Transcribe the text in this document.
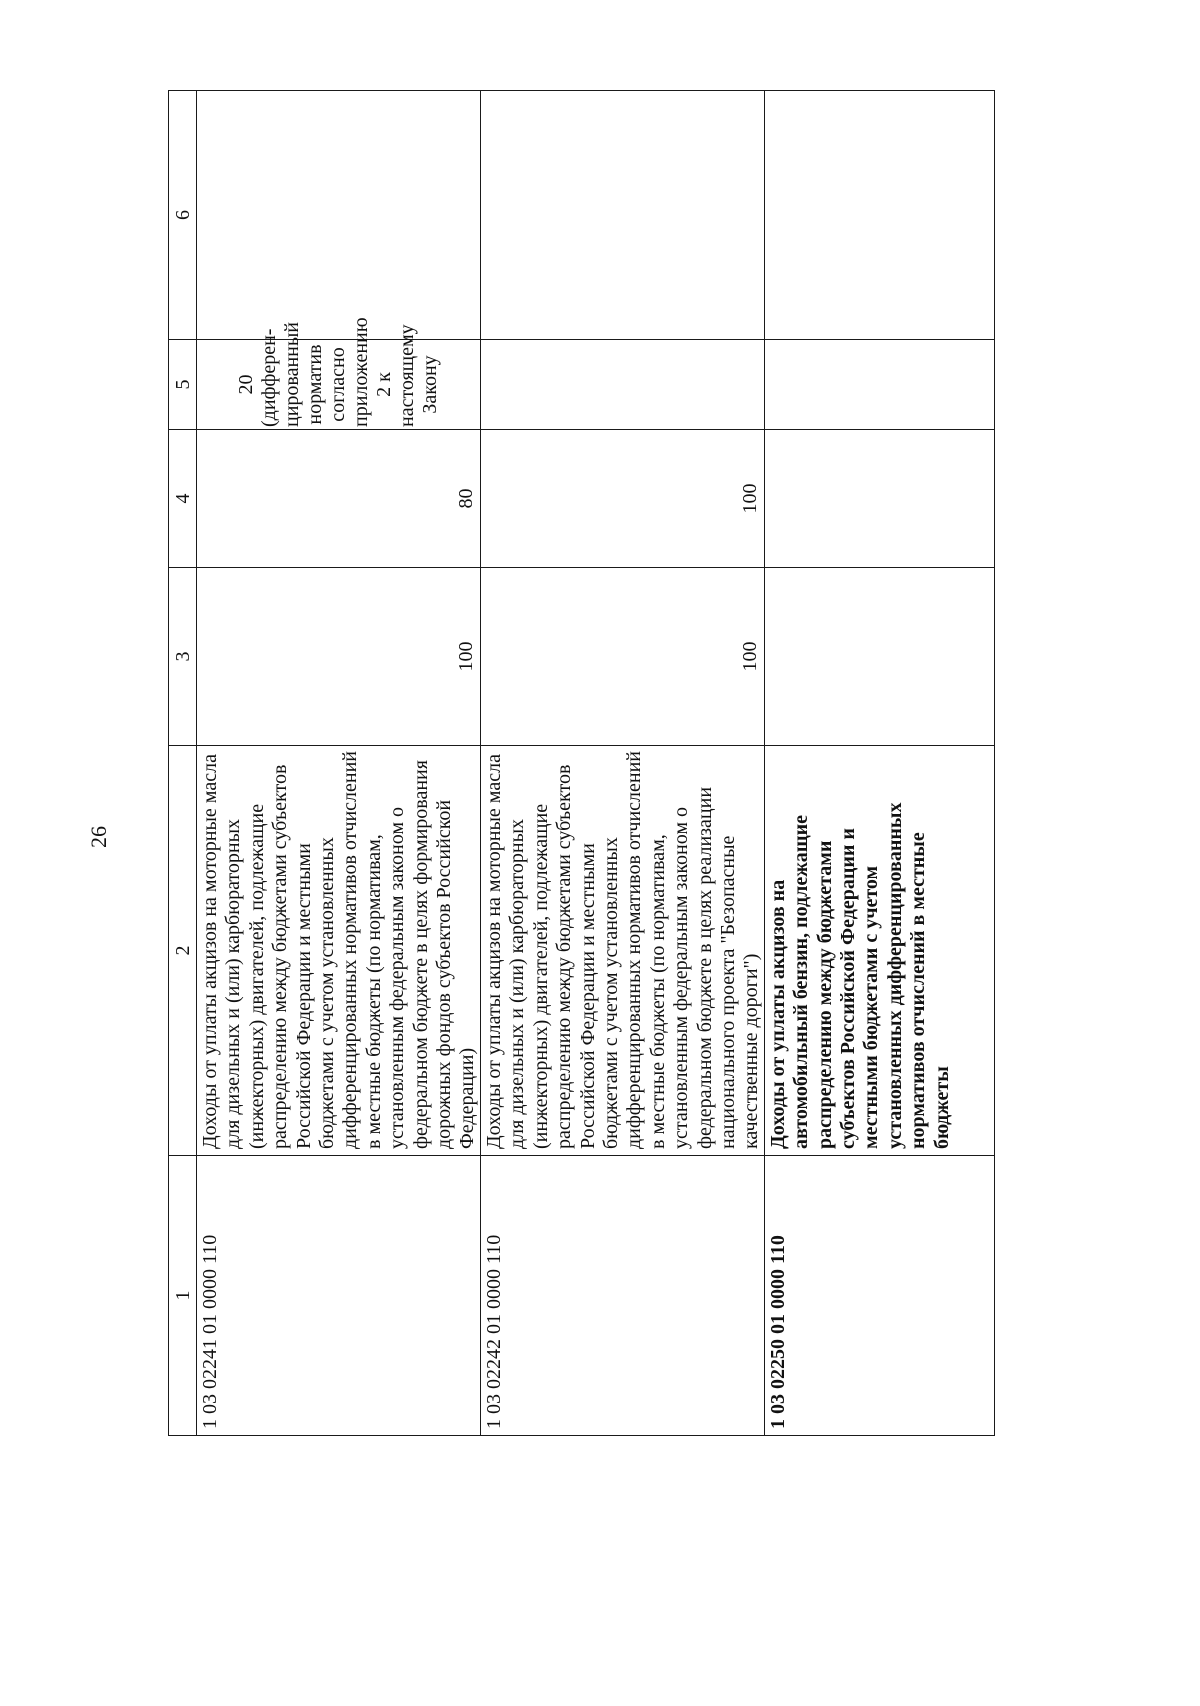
26
1	2	3	4	5	6
1 03 02241 01 0000 110	Доходы от уплаты акцизов на моторные масла для дизельных и (или) карбюраторных (инжекторных) двигателей, подлежащие распределению между бюджетами субъектов Российской Федерации и местными бюджетами с учетом установленных дифференцированных нормативов отчислений в местные бюджеты (по нормативам, установленным федеральным законом о федеральном бюджете в целях формирования дорожных фондов субъектов Российской Федерации)	100	80	20 (дифферен-цированный норматив согласно приложению 2 к настоящему Закону	
1 03 02242 01 0000 110	Доходы от уплаты акцизов на моторные масла для дизельных и (или) карбюраторных (инжекторных) двигателей, подлежащие распределению между бюджетами субъектов Российской Федерации и местными бюджетами с учетом установленных дифференцированных нормативов отчислений в местные бюджеты (по нормативам, установленным федеральным законом о федеральном бюджете в целях реализации национального проекта "Безопасные качественные дороги")	100	100		
1 03 02250 01 0000 110	Доходы от уплаты акцизов на автомобильный бензин, подлежащие распределению между бюджетами субъектов Российской Федерации и местными бюджетами с учетом установленных дифференцированных нормативов отчислений в местные бюджеты				
